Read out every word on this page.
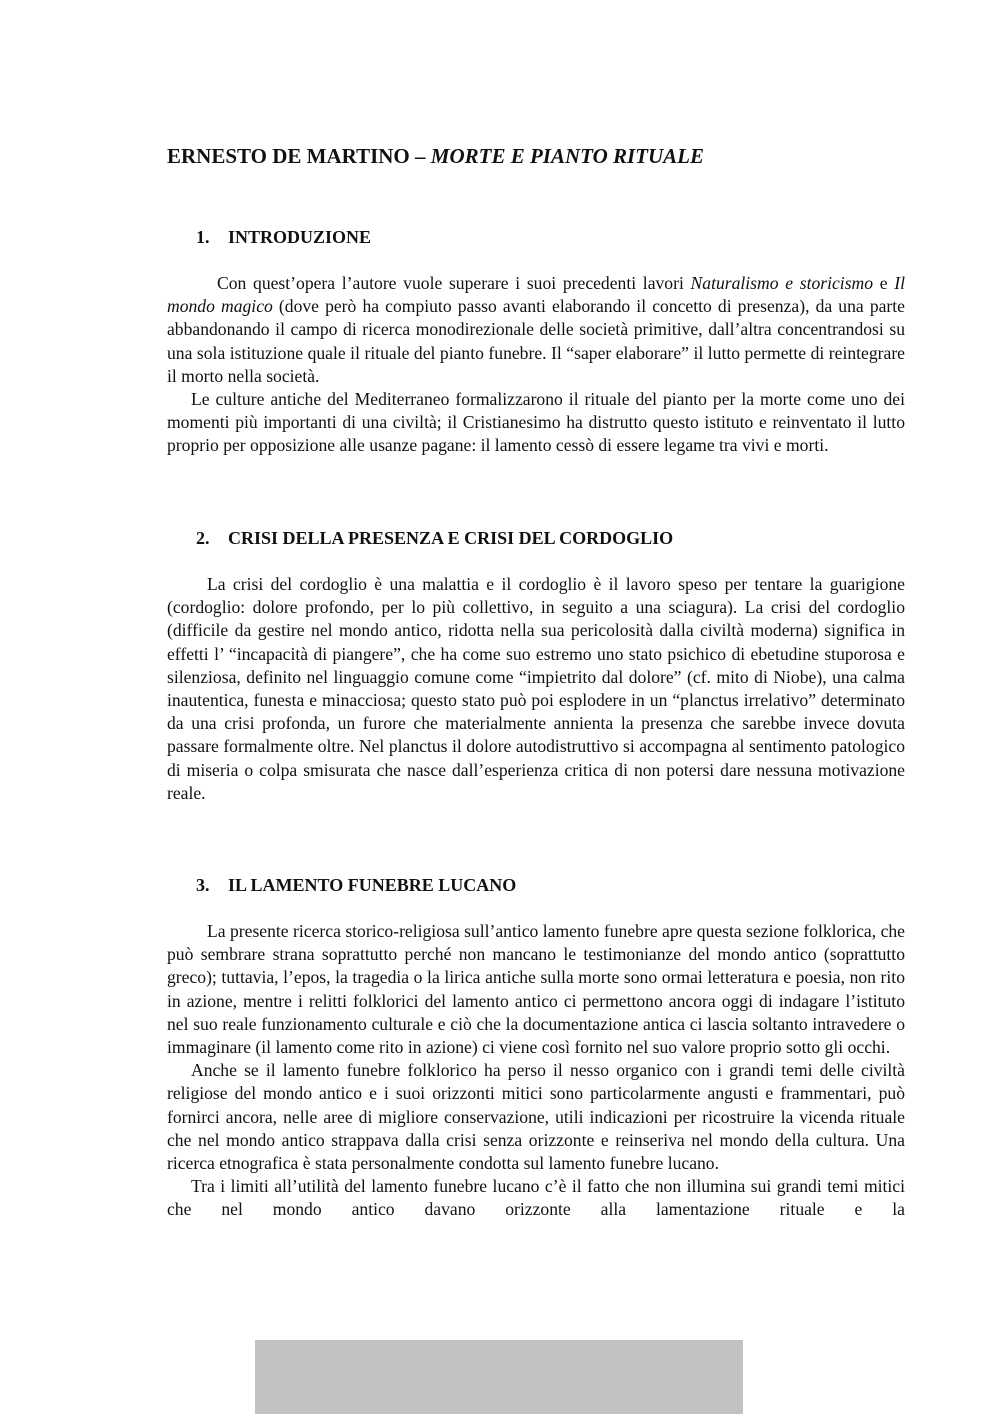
ERNESTO DE MARTINO – MORTE E PIANTO RITUALE
1. INTRODUZIONE

Con quest’opera l’autore vuole superare i suoi precedenti lavori Naturalismo e storicismo e Il mondo magico (dove però ha compiuto passo avanti elaborando il concetto di presenza), da una parte abbandonando il campo di ricerca monodirezionale delle società primitive, dall’altra concentrandosi su una sola istituzione quale il rituale del pianto funebre. Il “saper elaborare” il lutto permette di reintegrare il morto nella società.

Le culture antiche del Mediterraneo formalizzarono il rituale del pianto per la morte come uno dei momenti più importanti di una civiltà; il Cristianesimo ha distrutto questo istituto e reinventato il lutto proprio per opposizione alle usanze pagane: il lamento cessò di essere legame tra vivi e morti.

2. CRISI DELLA PRESENZA E CRISI DEL CORDOGLIO

La crisi del cordoglio è una malattia e il cordoglio è il lavoro speso per tentare la guarigione (cordoglio: dolore profondo, per lo più collettivo, in seguito a una sciagura). La crisi del cordoglio (difficile da gestire nel mondo antico, ridotta nella sua pericolosità dalla civiltà moderna) significa in effetti l’ “incapacità di piangere”, che ha come suo estremo uno stato psichico di ebetudine stuporosa e silenziosa, definito nel linguaggio comune come “impietrito dal dolore” (cf. mito di Niobe), una calma inautentica, funesta e minacciosa; questo stato può poi esplodere in un “planctus irrelativo” determinato da una crisi profonda, un furore che materialmente annienta la presenza che sarebbe invece dovuta passare formalmente oltre. Nel planctus il dolore autodistruttivo si accompagna al sentimento patologico di miseria o colpa smisurata che nasce dall’esperienza critica di non potersi dare nessuna motivazione reale.

3. IL LAMENTO FUNEBRE LUCANO

La presente ricerca storico-religiosa sull’antico lamento funebre apre questa sezione folklorica, che può sembrare strana soprattutto perché non mancano le testimonianze del mondo antico (soprattutto greco); tuttavia, l’epos, la tragedia o la lirica antiche sulla morte sono ormai letteratura e poesia, non rito in azione, mentre i relitti folklorici del lamento antico ci permettono ancora oggi di indagare l’istituto nel suo reale funzionamento culturale e ciò che la documentazione antica ci lascia soltanto intravedere o immaginare (il lamento come rito in azione) ci viene così fornito nel suo valore proprio sotto gli occhi.

Anche se il lamento funebre folklorico ha perso il nesso organico con i grandi temi delle civiltà religiose del mondo antico e i suoi orizzonti mitici sono particolarmente angusti e frammentari, può fornirci ancora, nelle aree di migliore conservazione, utili indicazioni per ricostruire la vicenda rituale che nel mondo antico strappava dalla crisi senza orizzonte e reinseriva nel mondo della cultura. Una ricerca etnografica è stata personalmente condotta sul lamento funebre lucano.

Tra i limiti all’utilità del lamento funebre lucano c’è il fatto che non illumina sui grandi temi mitici che nel mondo antico davano orizzonte alla lamentazione rituale e la
